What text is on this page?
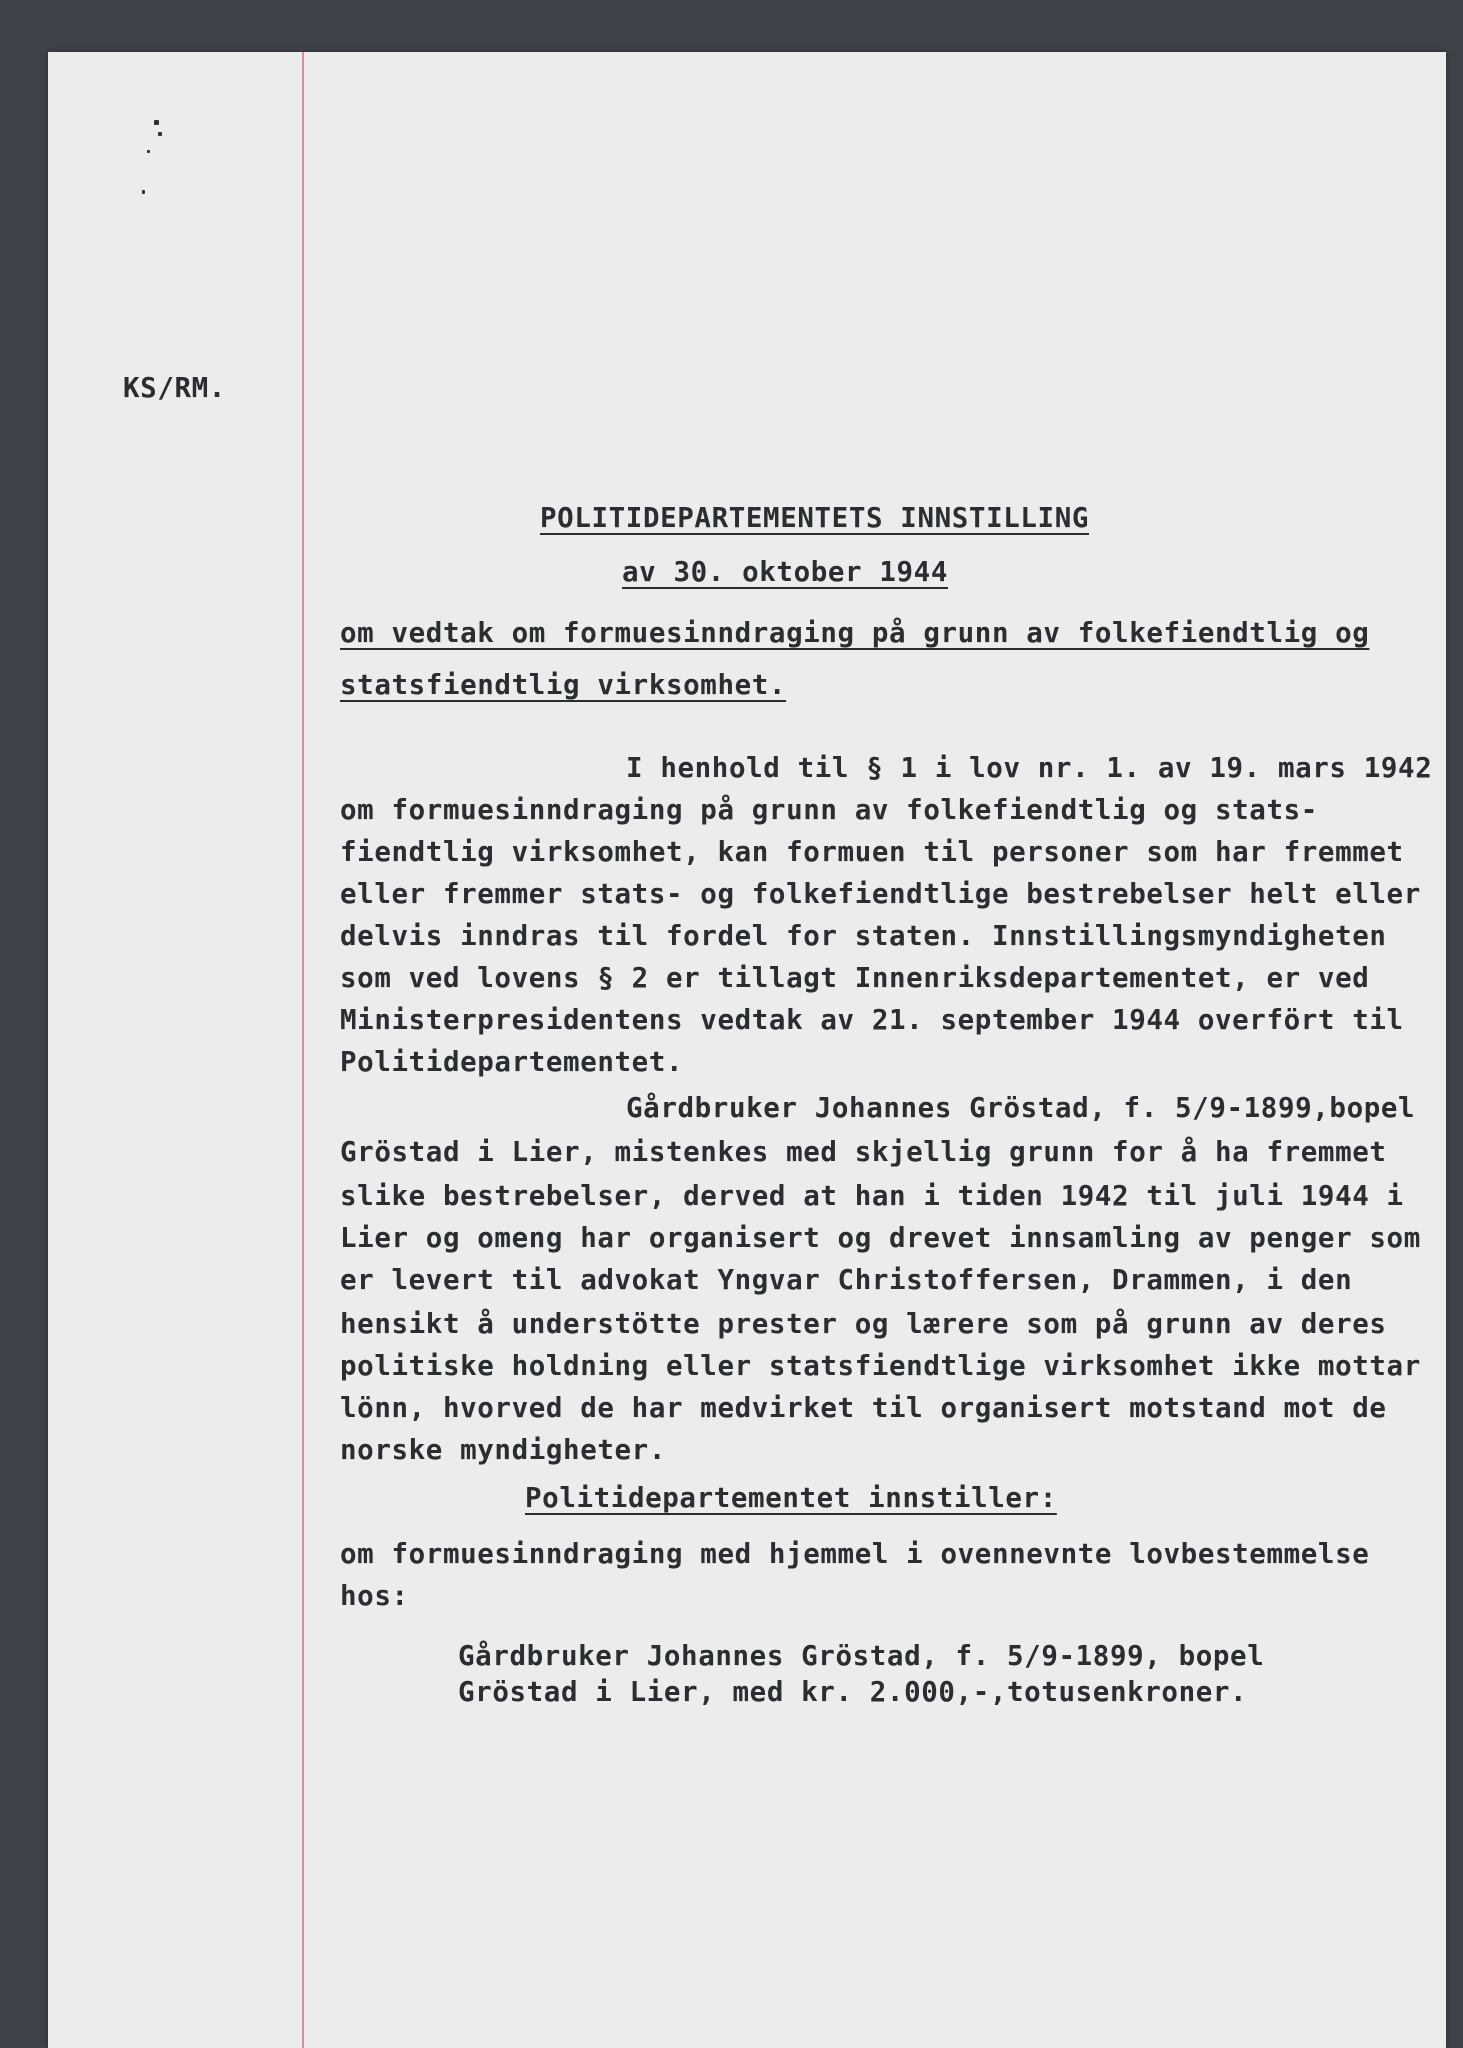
KS/RM.
POLITIDEPARTEMENTETS INNSTILLING
av 30. oktober 1944
om vedtak om formuesinndraging på grunn av folkefiendtlig og
statsfiendtlig virksomhet.
I henhold til § 1 i lov nr. 1. av 19. mars 1942
om formuesinndraging på grunn av folkefiendtlig og stats-
fiendtlig virksomhet, kan formuen til personer som har fremmet
eller fremmer stats- og folkefiendtlige bestrebelser helt eller
delvis inndras til fordel for staten. Innstillingsmyndigheten
som ved lovens § 2 er tillagt Innenriksdepartementet, er ved
Ministerpresidentens vedtak av 21. september 1944 overfört til
Politidepartementet.
Gårdbruker Johannes Gröstad, f. 5/9-1899,bopel
Gröstad i Lier, mistenkes med skjellig grunn for å ha fremmet
slike bestrebelser, derved at han i tiden 1942 til juli 1944 i
Lier og omeng har organisert og drevet innsamling av penger som
er levert til advokat Yngvar Christoffersen, Drammen, i den
hensikt å understötte prester og lærere som på grunn av deres
politiske holdning eller statsfiendtlige virksomhet ikke mottar
lönn, hvorved de har medvirket til organisert motstand mot de
norske myndigheter.
Politidepartementet innstiller:
om formuesinndraging med hjemmel i ovennevnte lovbestemmelse
hos:
Gårdbruker Johannes Gröstad, f. 5/9-1899, bopel
Gröstad i Lier, med kr. 2.000,-,totusenkroner.
